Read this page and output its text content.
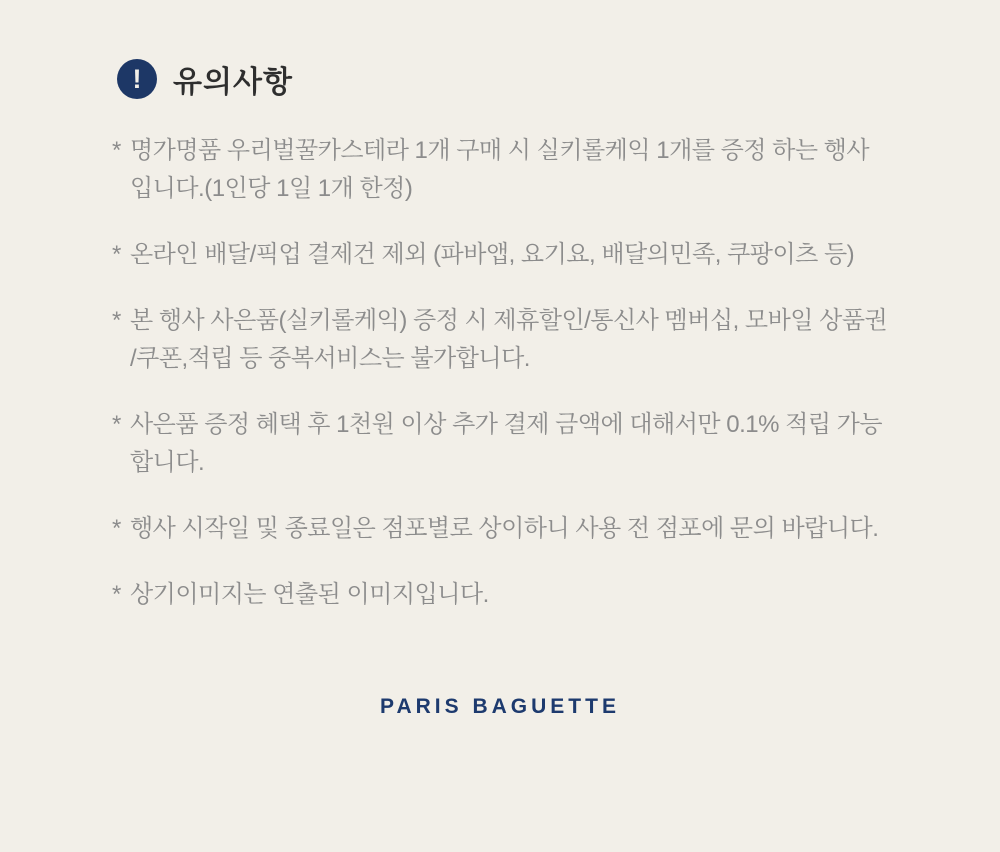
! 유의사항
* 명가명품 우리벌꿀카스테라 1개 구매 시 실키롤케익 1개를 증정 하는 행사 입니다.(1인당 1일 1개 한정)
* 온라인 배달/픽업 결제건 제외 (파바앱, 요기요, 배달의민족, 쿠팡이츠 등)
* 본 행사 사은품(실키롤케익) 증정 시 제휴할인/통신사 멤버십, 모바일 상품권 /쿠폰,적립 등 중복서비스는 불가합니다.
* 사은품 증정 혜택 후 1천원 이상 추가 결제 금액에 대해서만 0.1% 적립 가능 합니다.
* 행사 시작일 및 종료일은 점포별로 상이하니 사용 전 점포에 문의 바랍니다.
* 상기이미지는 연출된 이미지입니다.
PARIS BAGUETTE
